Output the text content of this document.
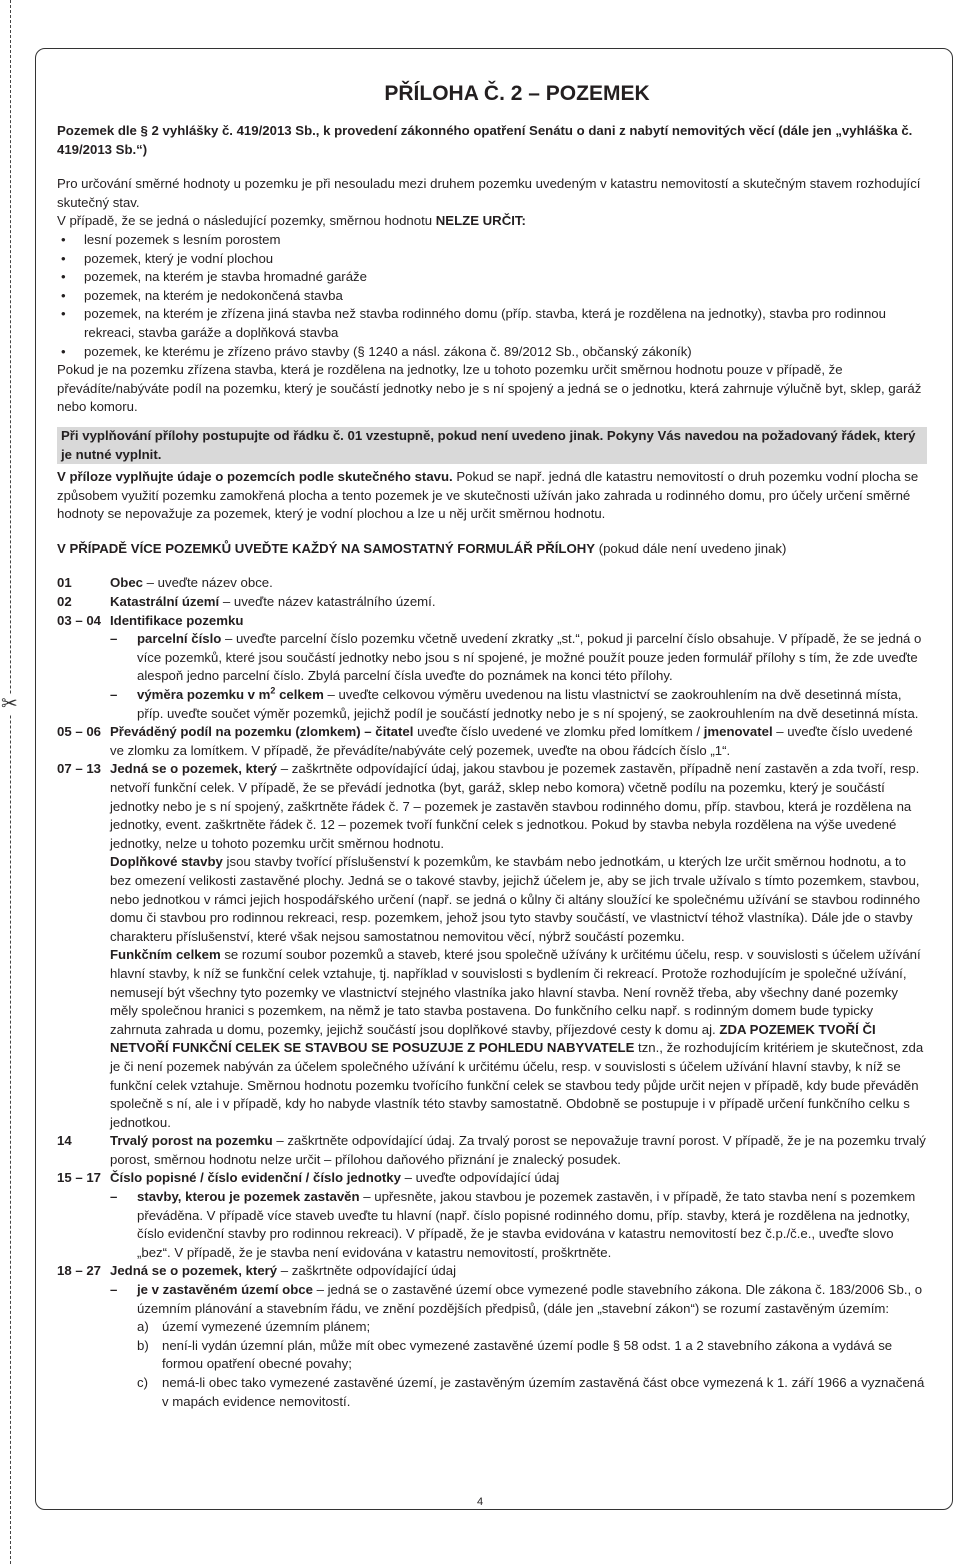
✂
PŘÍLOHA Č. 2 – POZEMEK

Pozemek dle § 2 vyhlášky č. 419/2013 Sb., k provedení zákonného opatření Senátu o dani z nabytí nemovitých věcí (dále jen „vyhláška č. 419/2013 Sb.“)

Pro určování směrné hodnoty u pozemku je při nesouladu mezi druhem pozemku uvedeným v katastru nemovitostí a skutečným stavem rozhodující skutečný stav.

V případě, že se jedná o následující pozemky, směrnou hodnotu NELZE URČIT:

• lesní pozemek s lesním porostem
• pozemek, který je vodní plochou
• pozemek, na kterém je stavba hromadné garáže
• pozemek, na kterém je nedokončená stavba
• pozemek, na kterém je zřízena jiná stavba než stavba rodinného domu (příp. stavba, která je rozdělena na jednotky), stavba pro rodinnou rekreaci, stavba garáže a doplňková stavba
• pozemek, ke kterému je zřízeno právo stavby (§ 1240 a násl. zákona č. 89/2012 Sb., občanský zákoník)

Pokud je na pozemku zřízena stavba, která je rozdělena na jednotky, lze u tohoto pozemku určit směrnou hodnotu pouze v případě, že převádíte/nabýváte podíl na pozemku, který je součástí jednotky nebo je s ní spojený a jedná se o jednotku, která zahrnuje výlučně byt, sklep, garáž nebo komoru.

Při vyplňování přílohy postupujte od řádku č. 01 vzestupně, pokud není uvedeno jinak. Pokyny Vás navedou na požadovaný řádek, který je nutné vyplnit.

V příloze vyplňujte údaje o pozemcích podle skutečného stavu. Pokud se např. jedná dle katastru nemovitostí o druh pozemku vodní plocha se způsobem využití pozemku zamokřená plocha a tento pozemek je ve skutečnosti užíván jako zahrada u rodinného domu, pro účely určení směrné hodnoty se nepovažuje za pozemek, který je vodní plochou a lze u něj určit směrnou hodnotu.

V PŘÍPADĚ VÍCE POZEMKŮ UVEĎTE KAŽDÝ NA SAMOSTATNÝ FORMULÁŘ PŘÍLOHY (pokud dále není uvedeno jinak)

01	Obec – uveďte název obce.
02	Katastrální území – uveďte název katastrálního území.
03 – 04 Identifikace pozemku
–	parcelní číslo – uveďte parcelní číslo pozemku včetně uvedení zkratky „st.“, pokud ji parcelní číslo obsahuje. V případě, že se jedná o více pozemků, které jsou součástí jednotky nebo jsou s ní spojené, je možné použít pouze jeden formulář přílohy s tím, že zde uveďte alespoň jedno parcelní číslo. Zbylá parcelní čísla uveďte do poznámek na konci této přílohy.
–	výměra pozemku v $m^2$ celkem – uveďte celkovou výměru uvedenou na listu vlastnictví se zaokrouhlením na dvě desetinná místa, příp. uveďte součet výměr pozemků, jejichž podíl je součástí jednotky nebo je s ní spojený, se zaokrouhlením na dvě desetinná místa.
05 – 06 Převáděný podíl na pozemku (zlomkem) – čitatel uveďte číslo uvedené ve zlomku před lomítkem / jmenovatel – uveďte číslo uvedené ve zlomku za lomítkem. V případě, že převádíte/nabýváte celý pozemek, uveďte na obou řádcích číslo „1“.
07 – 13 Jedná se o pozemek, který – zaškrtněte odpovídající údaj, jakou stavbou je pozemek zastavěn, případně není zastavěn a zda tvoří, resp. netvoří funkční celek. V případě, že se převádí jednotka (byt, garáž, sklep nebo komora) včetně podílu na pozemku, který je součástí jednotky nebo je s ní spojený, zaškrtněte řádek č. 7 – pozemek je zastavěn stavbou rodinného domu, příp. stavbou, která je rozdělena na jednotky, event. zaškrtněte řádek č. 12 – pozemek tvoří funkční celek s jednotkou. Pokud by stavba nebyla rozdělena na výše uvedené jednotky, nelze u tohoto pozemku určit směrnou hodnotu.

Doplňkové stavby jsou stavby tvořící příslušenství k pozemkům, ke stavbám nebo jednotkám, u kterých lze určit směrnou hodnotu, a to bez omezení velikosti zastavěné plochy. Jedná se o takové stavby, jejichž účelem je, aby se jich trvale užívalo s tímto pozemkem, stavbou, nebo jednotkou v rámci jejich hospodářského určení (např. se jedná o kůlny či altány sloužící ke společnému užívání se stavbou rodinného domu či stavbou pro rodinnou rekreaci, resp. pozemkem, jehož jsou tyto stavby součástí, ve vlastnictví téhož vlastníka). Dále jde o stavby charakteru příslušenství, které však nejsou samostatnou nemovitou věcí, nýbrž součástí pozemku.

Funkčním celkem se rozumí soubor pozemků a staveb, které jsou společně užívány k určitému účelu, resp. v souvislosti s účelem užívání hlavní stavby, k níž se funkční celek vztahuje, tj. například v souvislosti s bydlením či rekreací. Protože rozhodujícím je společné užívání, nemusejí být všechny tyto pozemky ve vlastnictví stejného vlastníka jako hlavní stavba. Není rovněž třeba, aby všechny dané pozemky měly společnou hranici s pozemkem, na němž je tato stavba postavena. Do funkčního celku např. s rodinným domem bude typicky zahrnuta zahrada u domu, pozemky, jejichž součástí jsou doplňkové stavby, příjezdové cesty k domu aj. ZDA POZEMEK TVOŘÍ ČI NETVOŘÍ FUNKČNÍ CELEK SE STAVBOU SE POSUZUJE Z POHLEDU NABYVATELE tzn., že rozhodujícím kritériem je skutečnost, zda je či není pozemek nabýván za účelem společného užívání k určitému účelu, resp. v souvislosti s účelem užívání hlavní stavby, k níž se funkční celek vztahuje. Směrnou hodnotu pozemku tvořícího funkční celek se stavbou tedy půjde určit nejen v případě, kdy bude převáděn společně s ní, ale i v případě, kdy ho nabyde vlastník této stavby samostatně. Obdobně se postupuje i v případě určení funkčního celku s jednotkou.

14	Trvalý porost na pozemku – zaškrtněte odpovídající údaj. Za trvalý porost se nepovažuje travní porost. V případě, že je na pozemku trvalý porost, směrnou hodnotu nelze určit – přílohou daňového přiznání je znalecký posudek.
15 – 17 Číslo popisné / číslo evidenční / číslo jednotky – uveďte odpovídající údaj
–	stavby, kterou je pozemek zastavěn – upřesněte, jakou stavbou je pozemek zastavěn, i v případě, že tato stavba není s pozemkem převáděna. V případě více staveb uveďte tu hlavní (např. číslo popisné rodinného domu, příp. stavby, která je rozdělena na jednotky, číslo evidenční stavby pro rodinnou rekreaci). V případě, že je stavba evidována v katastru nemovitostí bez č.p./č.e., uveďte slovo „bez“. V případě, že je stavba není evidována v katastru nemovitostí, proškrtněte.
18 – 27 Jedná se o pozemek, který – zaškrtněte odpovídající údaj
–	je v zastavěném území obce – jedná se o zastavěné území obce vymezené podle stavebního zákona. Dle zákona č. 183/2006 Sb., o územním plánování a stavebním řádu, ve znění pozdějších předpisů, (dále jen „stavební zákon“) se rozumí zastavěným územím:
a)	území vymezené územním plánem;
b)	není-li vydán územní plán, může mít obec vymezené zastavěné území podle § 58 odst. 1 a 2 stavebního zákona a vydává se formou opatření obecné povahy;
c)	nemá-li obec tako vymezené zastavěné území, je zastavěným územím zastavěná část obce vymezená k 1. září 1966 a vyznačená v mapách evidence nemovitostí.
4
